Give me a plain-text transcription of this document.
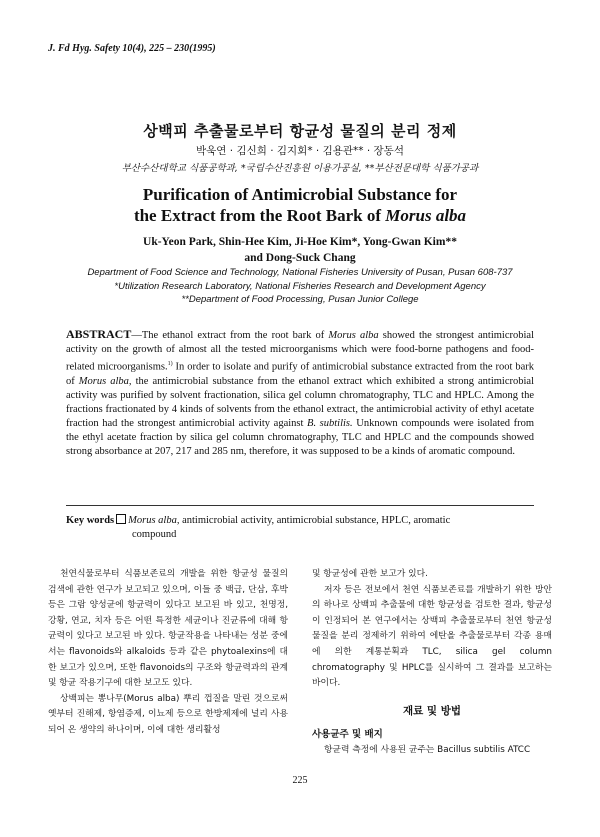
J. Fd Hyg. Safety 10(4), 225 – 230(1995)
상백피 추출물로부터 항균성 물질의 분리 정제
박욱연 · 김신희 · 김지회* · 김용관** · 장동석
부산수산대학교 식품공학과, *국립수산진흥원 이용가공실, **부산전문대학 식품가공과
Purification of Antimicrobial Substance for
the Extract from the Root Bark of Morus alba
Uk-Yeon Park, Shin-Hee Kim, Ji-Hoe Kim*, Yong-Gwan Kim**
and Dong-Suck Chang
Department of Food Science and Technology, National Fisheries University of Pusan, Pusan 608-737
*Utilization Research Laboratory, National Fisheries Research and Development Agency
**Department of Food Processing, Pusan Junior College
ABSTRACT—The ethanol extract from the root bark of Morus alba showed the strongest antimicrobial activity on the growth of almost all the tested microorganisms which were food-borne pathogens and food-related microorganisms.$^{1)}$ In order to isolate and purify of antimicrobial substance extracted from the root bark of Morus alba, the antimicrobial substance from the ethanol extract which exhibited a strong antimicrobial activity was purified by solvent fractionation, silica gel column chromatography, TLC and HPLC. Among the fractions fractionated by 4 kinds of solvents from the ethanol extract, the antimicrobial activity of ethyl acetate fraction had the strongest antimicrobial activity against B. subtilis. Unknown compounds were isolated from the ethyl acetate fraction by silica gel column chromatography, TLC and HPLC and the compounds showed strong absorbance at 207, 217 and 285 nm, therefore, it was supposed to be a kinds of aromatic compound.
Key words Morus alba, antimicrobial activity, antimicrobial substance, HPLC, aromatic
compound
천연식물로부터 식품보존료의 개발을 위한 항균성 물질의 검색에 관한 연구가 보고되고 있으며, 이들 중 백급, 단삼, 후박 등은 그람 양성균에 항균력이 있다고 보고된 바 있고, 천명정, 강황, 연교, 치자 등은 어떤 특정한 세균이나 진균류에 대해 항균력이 있다고 보고된 바 있다. 항균작용을 나타내는 성분 중에서는 flavonoids와 alkaloids 등과 같은 phytoalexins에 대한 보고가 있으며, 또한 flavonoids의 구조와 항균력과의 관계 및 항균 작용기구에 대한 보고도 있다.
상백피는 뽕나무(Morus alba) 뿌리 껍질을 말린 것으로써 옛부터 진해제, 항염증제, 이뇨제 등으로 한방제제에 널리 사용되어 온 생약의 하나이며, 이에 대한 생리활성
및 항균성에 관한 보고가 있다.
저자 등은 전보에서 천연 식품보존료를 개발하기 위한 방안의 하나로 상백피 추출물에 대한 항균성을 검토한 결과, 항균성이 인정되어 본 연구에서는 상백피 추출물로부터 천연 항균성 물질을 분리 정제하기 위하여 에탄올 추출물로부터 각종 용매에 의한 계통분획과 TLC, silica gel column chromatography 및 HPLC를 실시하여 그 결과를 보고하는 바이다.
재료 및 방법
사용균주 및 배지
항균력 측정에 사용된 균주는 Bacillus subtilis ATCC
225
